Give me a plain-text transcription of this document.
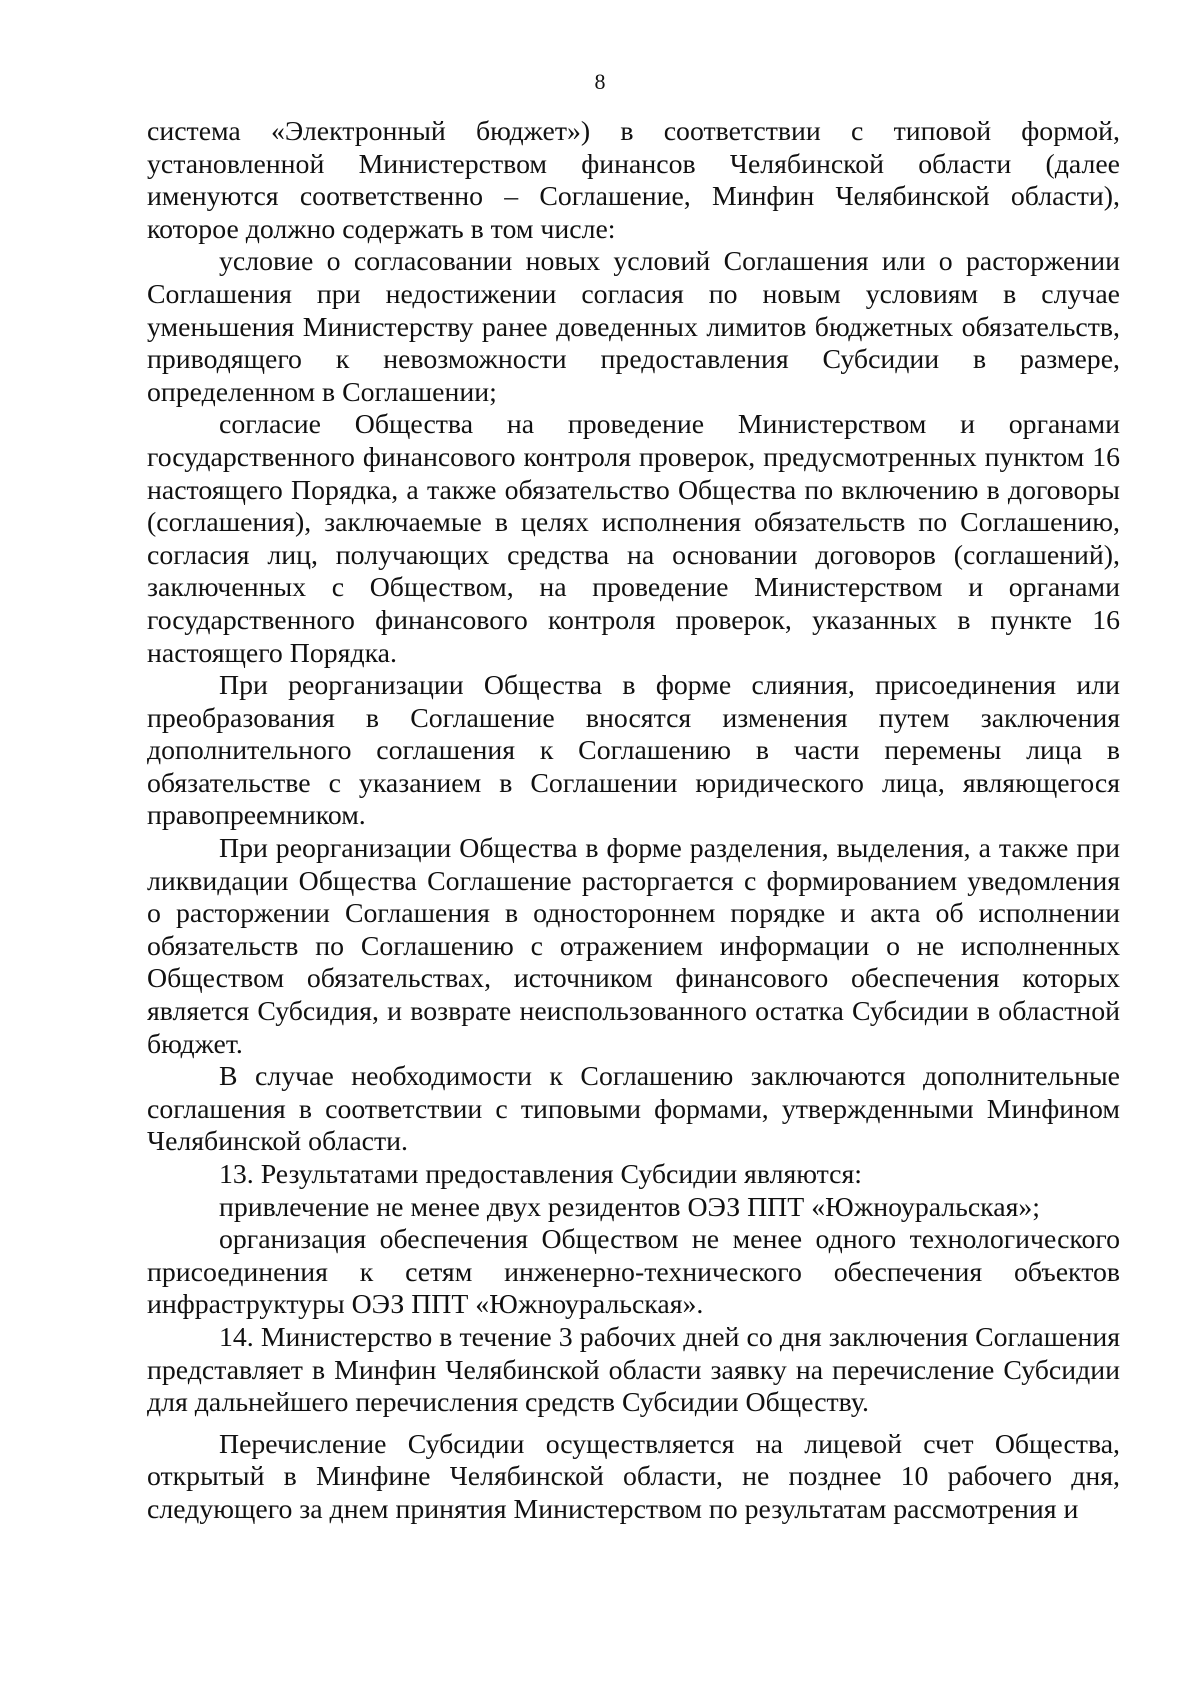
8

система «Электронный бюджет») в соответствии с типовой формой, установленной Министерством финансов Челябинской области (далее именуются соответственно – Соглашение, Минфин Челябинской области), которое должно содержать в том числе:

условие о согласовании новых условий Соглашения или о расторжении Соглашения при недостижении согласия по новым условиям в случае уменьшения Министерству ранее доведенных лимитов бюджетных обязательств, приводящего к невозможности предоставления Субсидии в размере, определенном в Соглашении;

согласие Общества на проведение Министерством и органами государственного финансового контроля проверок, предусмотренных пунктом 16 настоящего Порядка, а также обязательство Общества по включению в договоры (соглашения), заключаемые в целях исполнения обязательств по Соглашению, согласия лиц, получающих средства на основании договоров (соглашений), заключенных с Обществом, на проведение Министерством и органами государственного финансового контроля проверок, указанных в пункте 16 настоящего Порядка.

При реорганизации Общества в форме слияния, присоединения или преобразования в Соглашение вносятся изменения путем заключения дополнительного соглашения к Соглашению в части перемены лица в обязательстве с указанием в Соглашении юридического лица, являющегося правопреемником.

При реорганизации Общества в форме разделения, выделения, а также при ликвидации Общества Соглашение расторгается с формированием уведомления о расторжении Соглашения в одностороннем порядке и акта об исполнении обязательств по Соглашению с отражением информации о не исполненных Обществом обязательствах, источником финансового обеспечения которых является Субсидия, и возврате неиспользованного остатка Субсидии в областной бюджет.

В случае необходимости к Соглашению заключаются дополнительные соглашения в соответствии с типовыми формами, утвержденными Минфином Челябинской области.

13. Результатами предоставления Субсидии являются:

привлечение не менее двух резидентов ОЭЗ ППТ «Южноуральская»;

организация обеспечения Обществом не менее одного технологического присоединения к сетям инженерно-технического обеспечения объектов инфраструктуры ОЭЗ ППТ «Южноуральская».

14. Министерство в течение 3 рабочих дней со дня заключения Соглашения представляет в Минфин Челябинской области заявку на перечисление Субсидии для дальнейшего перечисления средств Субсидии Обществу.

Перечисление Субсидии осуществляется на лицевой счет Общества, открытый в Минфине Челябинской области, не позднее 10 рабочего дня, следующего за днем принятия Министерством по результатам рассмотрения и
